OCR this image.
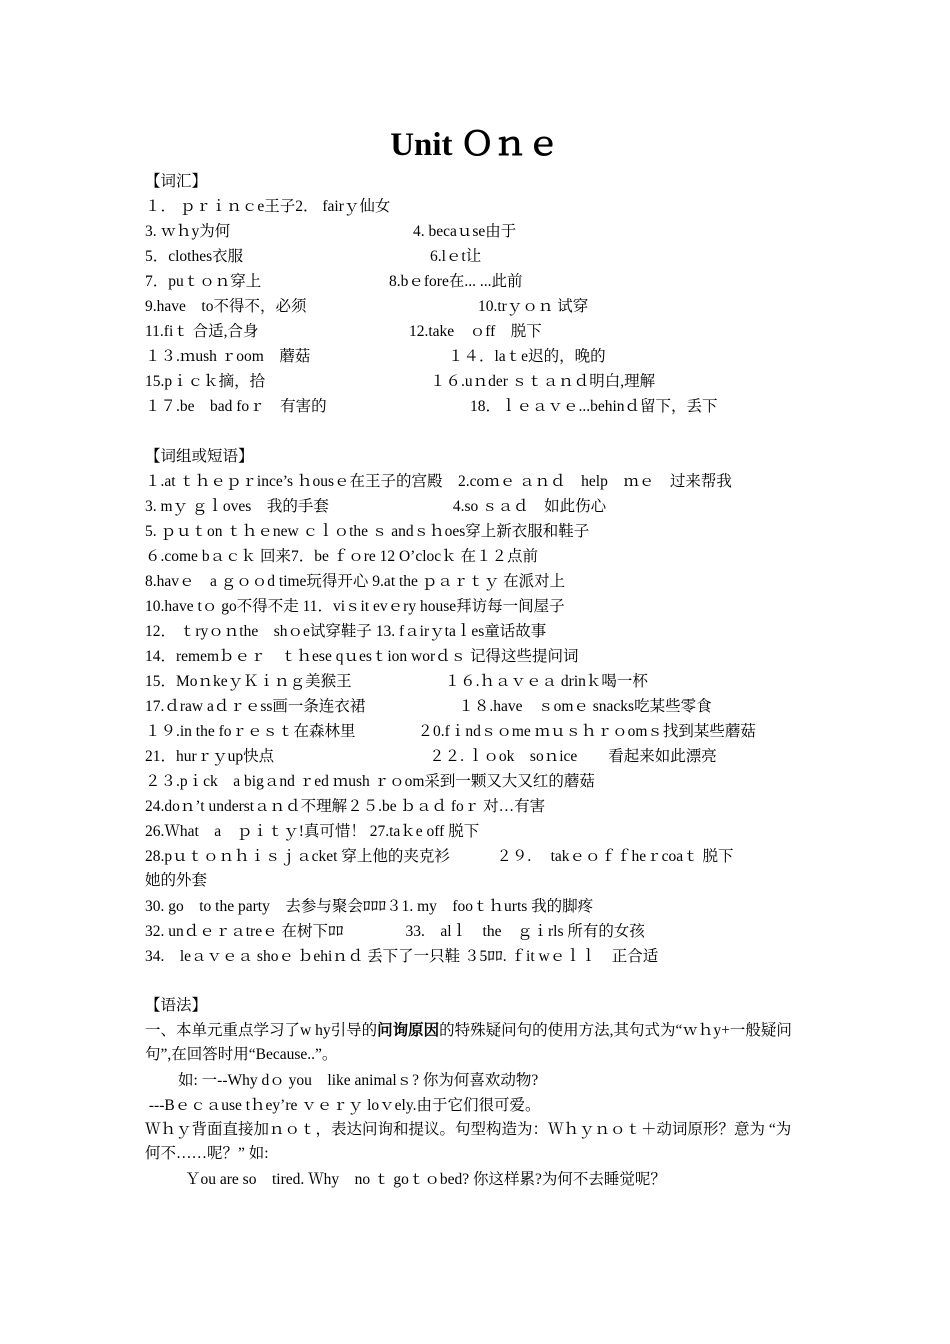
Unit Ｏｎｅ
【词汇】
１． ｐｒｉｎｃe王子2． fairｙ仙女
3. ｗｈy为何	4. becaｕse由于
5．clothes衣服	6.lｅt让
7．puｔｏｎ穿上	8.bｅfore在... ...此前
9.have　to不得不，必须	10.trｙｏｎ 试穿
11.fiｔ 合适,合身	12.take　ｏff　脱下
１３.ｍush ｒoom　蘑菇	１４．laｔe迟的，晚的
15.pｉｃｋ摘，拾	１６.uｎder ｓｔａｎｄ明白,理解
１７.be　bad foｒ　有害的	18．ｌｅａｖｅ...behinｄ留下，丢下
【词组或短语】
１.at ｔｈｅｐｒince’s ｈousｅ在王子的宫殿　2.coｍｅ ａｎｄ　help　ｍｅ　过来帮我
3. mｙ ｇｌoves　我的手套　　　　　　　　4.so ｓａｄ　如此伤心
5. ｐｕｔon ｔｈｅnew ｃｌｏthe ｓ andｓｈoes穿上新衣服和鞋子
６.come bａｃｋ 回来7．be ｆｏre 12 O’clocｋ 在１２点前
8.havｅ　a ｇｏｏd time玩得开心 9.at the ｐａｒｔｙ 在派对上
10.have tｏ go不得不走 11．viｓit evｅry house拜访每一间屋子
12． ｔryｏｎthe　shｏe试穿鞋子 13. fａirｙtaｌes童话故事
14．rememｂｅｒ　ｔｈese qｕesｔion worｄｓ 记得这些提问词
15．MoｎkeｙＫｉｎｇ美猴王　　　　　　１６.ｈａｖｅａ drinｋ喝一杯
17.ｄraw aｄｒｅss画一条连衣裙　　　　　　１８.have　ｓomｅ snacks吃某些零食
１９.in the foｒｅｓｔ在森林里　　　　２0.fｉndｓｏme ｍｕｓｈｒｏomｓ找到某些蘑菇
21．hurｒｙup快点　　　　　　　　　　２２. ｌｏok　soｎice　　看起来如此漂亮
２３.pｉck　a bigａnd ｒed ｍush ｒｏom采到一颗又大又红的蘑菇
24.doｎ’t understａｎｄ不理解２５.be ｂａｄ foｒ 对…有害
26.Ｗhat　a　ｐｉｔｙ!真可惜！ 27.taｋe off 脱下
28.pｕｔｏｎｈｉｓｊａcket 穿上他的夹克衫　　　２９. 　takｅｏｆｆheｒcoaｔ 脱下
她的外套
30. go　to the party　去参与聚会ﾛﾛﾛ３1. my　fooｔｈurts 我的脚疼
32. unｄｅｒａtreｅ 在树下ﾛﾛ　　　　33.　alｌ　the　ｇｉrls 所有的女孩
34.　leａｖｅａ shoｅ ｂehiｎｄ 丢下了一只鞋 ３5ﾛﾛ. ｆit wｅｌｌ　正合适
【语法】
一、本单元重点学习了w hy引导的问询原因的特殊疑问句的使用方法,其句式为“ｗｈy+一般疑问句”,在回答时用“Because..”。
如: 一--Why dｏ you　like animalｓ? 你为何喜欢动物?
---Bｅｃａuse tｈey’re ｖｅｒｙ loｖely.由于它们很可爱。
Ｗｈｙ背面直接加ｎｏｔ，表达问询和提议。句型构造为：Ｗｈｙｎｏｔ＋动词原形？意为 “为何不……呢？” 如:
Ｙou are so　tired. Ｗhy　no ｔ goｔｏbed? 你这样累?为何不去睡觉呢？
